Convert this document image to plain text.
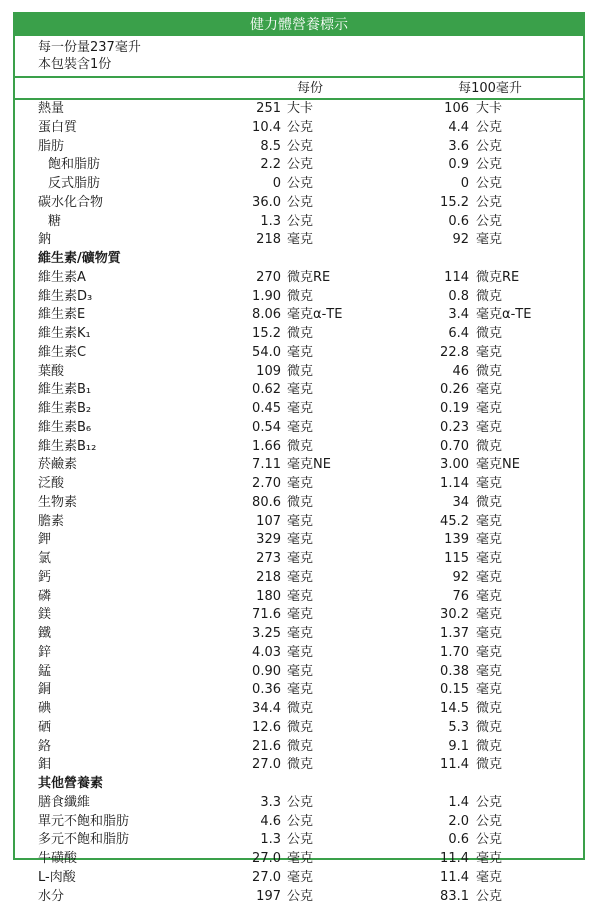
健力體營養標示
每一份量237毫升
本包裝含1份
每份	每100毫升
熱量	251 大卡	106 大卡
蛋白質	10.4 公克	4.4 公克
脂肪	8.5 公克	3.6 公克
飽和脂肪	2.2 公克	0.9 公克
反式脂肪	0 公克	0 公克
碳水化合物	36.0 公克	15.2 公克
糖	1.3 公克	0.6 公克
鈉	218 毫克	92 毫克
維生素/礦物質
維生素A	270 微克RE	114 微克RE
維生素D₃	1.90 微克	0.8 微克
維生素E	8.06 毫克α-TE	3.4 毫克α-TE
維生素K₁	15.2 微克	6.4 微克
維生素C	54.0 毫克	22.8 毫克
葉酸	109 微克	46 微克
維生素B₁	0.62 毫克	0.26 毫克
維生素B₂	0.45 毫克	0.19 毫克
維生素B₆	0.54 毫克	0.23 毫克
維生素B₁₂	1.66 微克	0.70 微克
菸鹼素	7.11 毫克NE	3.00 毫克NE
泛酸	2.70 毫克	1.14 毫克
生物素	80.6 微克	34 微克
膽素	107 毫克	45.2 毫克
鉀	329 毫克	139 毫克
氯	273 毫克	115 毫克
鈣	218 毫克	92 毫克
磷	180 毫克	76 毫克
鎂	71.6 毫克	30.2 毫克
鐵	3.25 毫克	1.37 毫克
鋅	4.03 毫克	1.70 毫克
錳	0.90 毫克	0.38 毫克
銅	0.36 毫克	0.15 毫克
碘	34.4 微克	14.5 微克
硒	12.6 微克	5.3 微克
鉻	21.6 微克	9.1 微克
鉬	27.0 微克	11.4 微克
其他營養素
膳食纖維	3.3 公克	1.4 公克
單元不飽和脂肪	4.6 公克	2.0 公克
多元不飽和脂肪	1.3 公克	0.6 公克
牛磺酸	27.0 毫克	11.4 毫克
L-肉酸	27.0 毫克	11.4 毫克
水分	197 公克	83.1 公克
